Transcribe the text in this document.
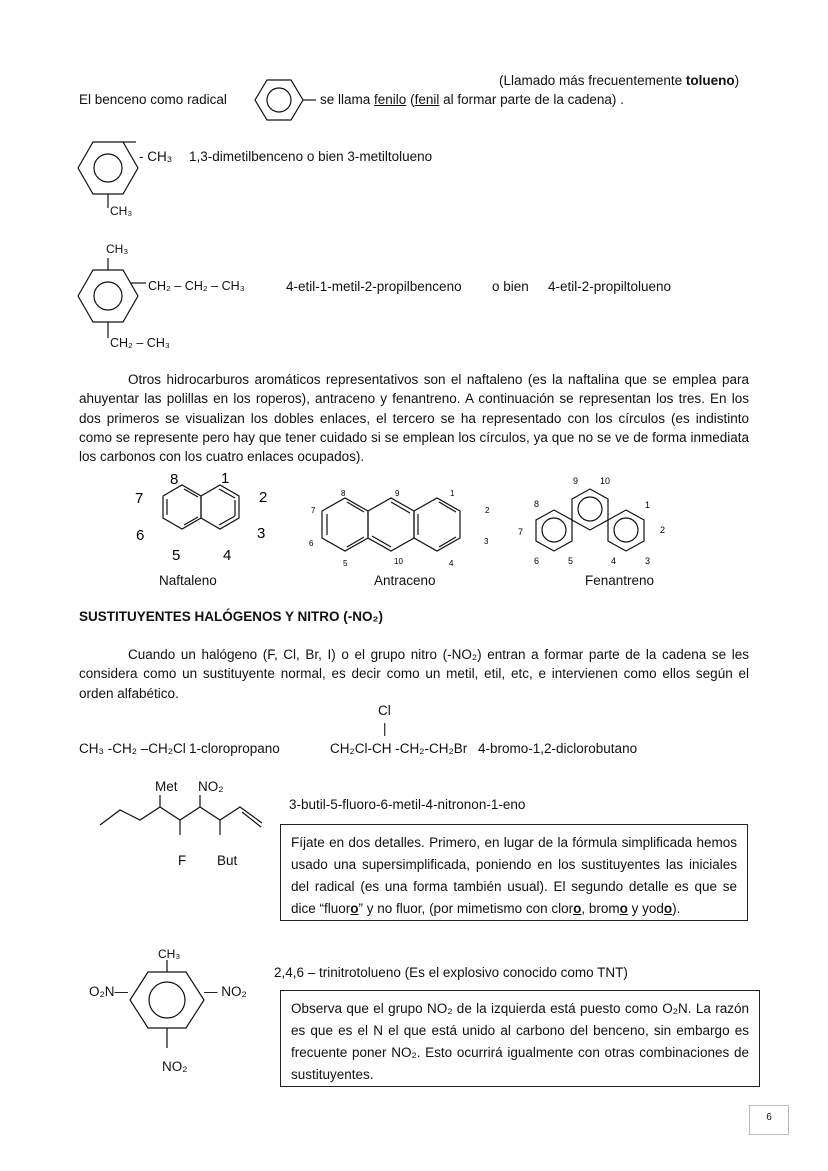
(Llamado más frecuentemente tolueno)
El benceno como radical	se llama fenilo (fenil al formar parte de la cadena) .
- CH₃
CH₃
1,3-dimetilbenceno o bien 3-metiltolueno
CH₃
CH₂ – CH₂ – CH₃
CH₂ – CH₃
4-etil-1-metil-2-propilbenceno o bien 4-etil-2-propiltolueno
Otros hidrocarburos aromáticos representativos son el naftaleno (es la naftalina que se emplea para ahuyentar las polillas en los roperos), antraceno y fenantreno. A continuación se representan los tres. En los dos primeros se visualizan los dobles enlaces, el tercero se ha representado con los círculos (es indistinto como se represente pero hay que tener cuidado si se emplean los círculos, ya que no se ve de forma inmediata los carbonos con los cuatro enlaces ocupados).
8	1
2
3
4
5
6
7
Naftaleno
8	9	1
2
3
4
10
5
6
7
Antraceno
9 10
8	1
2
3
4
5
6
7
Fenantreno
SUSTITUYENTES HALÓGENOS Y NITRO (-NO₂)
Cuando un halógeno (F, Cl, Br, I) o el grupo nitro (-NO₂) entran a formar parte de la cadena se les considera como un sustituyente normal, es decir como un metil, etil, etc, e intervienen como ellos según el orden alfabético.
Cl
|
CH₃ -CH₂ –CH₂Cl 1-cloropropano	CH₂Cl-CH -CH₂-CH₂Br 4-bromo-1,2-diclorobutano
Met NO₂
F But
3-butil-5-fluoro-6-metil-4-nitronon-1-eno
Fíjate en dos detalles. Primero, en lugar de la fórmula simplificada hemos usado una supersimplificada, poniendo en los sustituyentes las iniciales del radical (es una forma también usual). El segundo detalle es que se dice “fluoro” y no fluor, (por mimetismo con cloro, bromo y yodo).
CH₃
O₂N—	— NO₂
NO₂
2,4,6 – trinitrotolueno (Es el explosivo conocido como TNT)
Observa que el grupo NO₂ de la izquierda está puesto como O₂N. La razón es que es el N el que está unido al carbono del benceno, sin embargo es frecuente poner NO₂. Esto ocurrirá igualmente con otras combinaciones de sustituyentes.
6
